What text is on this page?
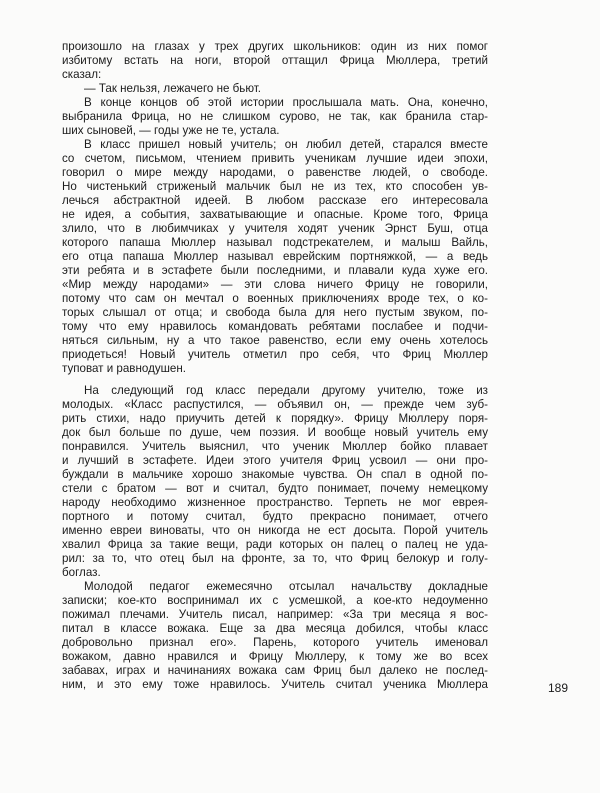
произошло на глазах у трех других школьников: один из них помог
избитому встать на ноги, второй оттащил Фрица Мюллера, третий
сказал:
— Так нельзя, лежачего не бьют.
В конце концов об этой истории прослышала мать. Она, конечно,
выбранила Фрица, но не слишком сурово, не так, как бранила стар-
ших сыновей, — годы уже не те, устала.
В класс пришел новый учитель; он любил детей, старался вместе
со счетом, письмом, чтением привить ученикам лучшие идеи эпохи,
говорил о мире между народами, о равенстве людей, о свободе.
Но чистенький стриженый мальчик был не из тех, кто способен ув-
лечься абстрактной идеей. В любом рассказе его интересовала
не идея, а события, захватывающие и опасные. Кроме того, Фрица
злило, что в любимчиках у учителя ходят ученик Эрнст Буш, отца
которого папаша Мюллер называл подстрекателем, и малыш Вайль,
его отца папаша Мюллер называл еврейским портняжкой, — а ведь
эти ребята и в эстафете были последними, и плавали куда хуже его.
«Мир между народами» — эти слова ничего Фрицу не говорили,
потому что сам он мечтал о военных приключениях вроде тех, о ко-
торых слышал от отца; и свобода была для него пустым звуком, по-
тому что ему нравилось командовать ребятами послабее и подчи-
няться сильным, ну а что такое равенство, если ему очень хотелось
приодеться! Новый учитель отметил про себя, что Фриц Мюллер
туповат и равнодушен.
На следующий год класс передали другому учителю, тоже из
молодых. «Класс распустился, — объявил он, — прежде чем зуб-
рить стихи, надо приучить детей к порядку». Фрицу Мюллеру поря-
док был больше по душе, чем поэзия. И вообще новый учитель ему
понравился. Учитель выяснил, что ученик Мюллер бойко плавает
и лучший в эстафете. Идеи этого учителя Фриц усвоил — они про-
буждали в мальчике хорошо знакомые чувства. Он спал в одной по-
стели с братом — вот и считал, будто понимает, почему немецкому
народу необходимо жизненное пространство. Терпеть не мог еврея-
портного и потому считал, будто прекрасно понимает, отчего
именно евреи виноваты, что он никогда не ест досыта. Порой учитель
хвалил Фрица за такие вещи, ради которых он палец о палец не уда-
рил: за то, что отец был на фронте, за то, что Фриц белокур и голу-
боглаз.
Молодой педагог ежемесячно отсылал начальству докладные
записки; кое-кто воспринимал их с усмешкой, а кое-кто недоуменно
пожимал плечами. Учитель писал, например: «За три месяца я вос-
питал в классе вожака. Еще за два месяца добился, чтобы класс
добровольно признал его». Парень, которого учитель именовал
вожаком, давно нравился и Фрицу Мюллеру, к тому же во всех
забавах, играх и начинаниях вожака сам Фриц был далеко не послед-
ним, и это ему тоже нравилось. Учитель считал ученика Мюллера	189
